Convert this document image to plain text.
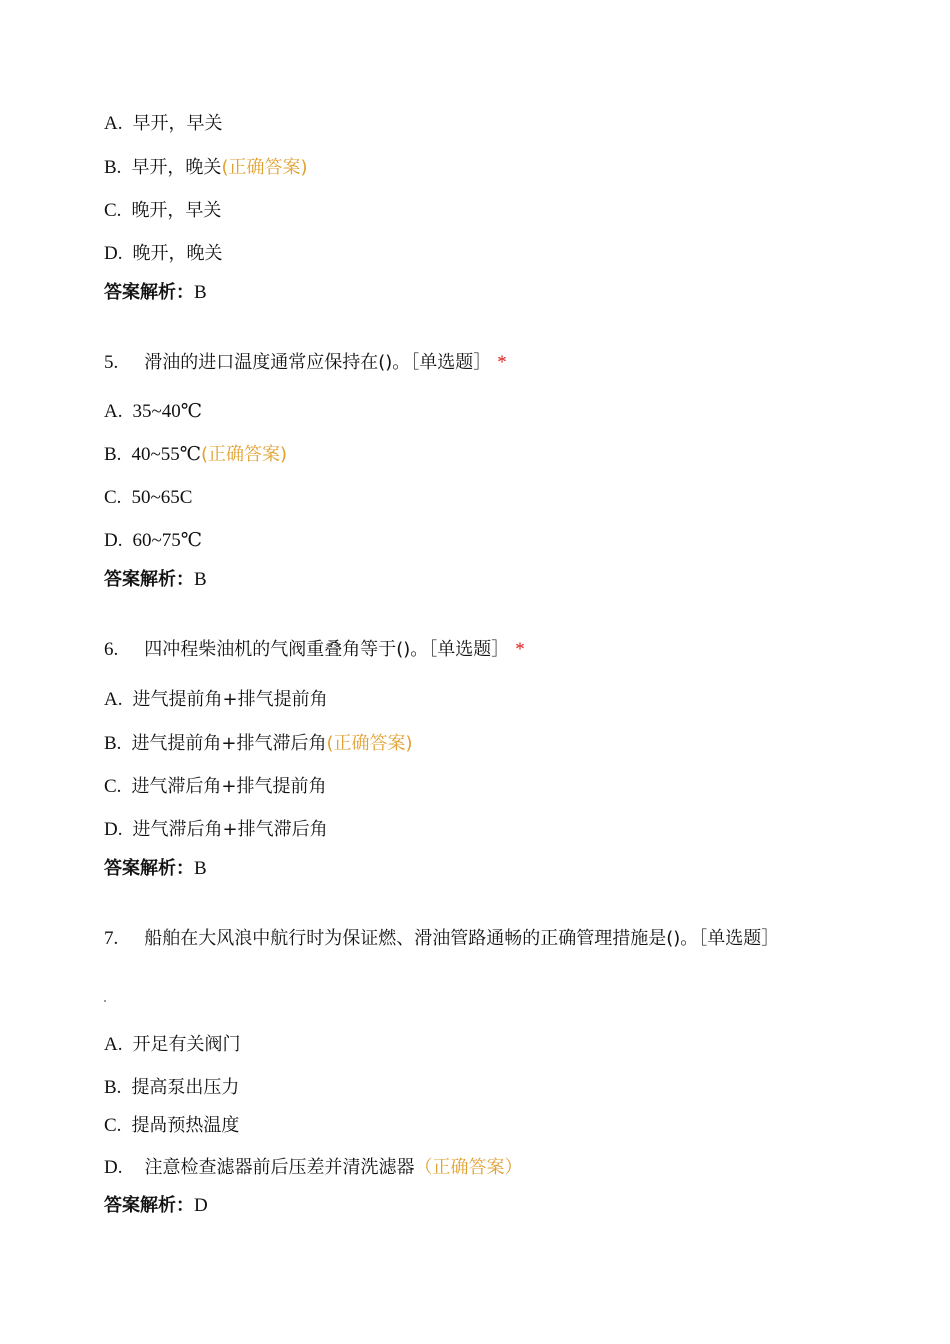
A. 早开，早关
B. 早开，晚关(正确答案)
C. 晚开，早关
D. 晚开，晚关
答案解析：B
5. 滑油的进口温度通常应保持在()。［单选题］ *
A. 35~40℃
B. 40~55℃(正确答案)
C. 50~65C
D. 60~75℃
答案解析：B
6. 四冲程柴油机的气阀重叠角等于()。［单选题］ *
A. 进气提前角+排气提前角
B. 进气提前角+排气滞后角(正确答案)
C. 进气滞后角+排气提前角
D. 进气滞后角+排气滞后角
答案解析：B
7. 船舶在大风浪中航行时为保证燃、滑油管路通畅的正确管理措施是()。［单选题］
A. 开足有关阀门
B. 提高泵出压力
C. 提咼预热温度
D. 注意检查滤器前后压差并清洗滤器（正确答案）
答案解析：D
